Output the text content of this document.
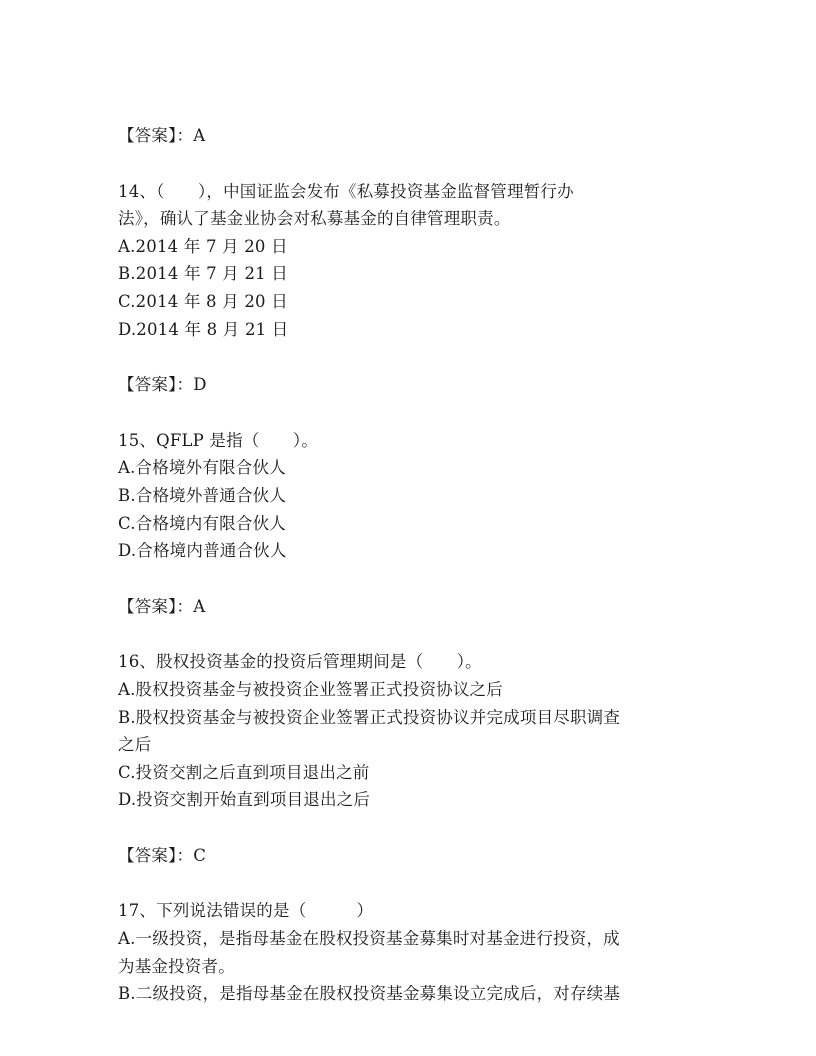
【答案】：A
14、（　　），中国证监会发布《私募投资基金监督管理暂行办
法》，确认了基金业协会对私募基金的自律管理职责。
A.2014 年 7 月 20 日
B.2014 年 7 月 21 日
C.2014 年 8 月 20 日
D.2014 年 8 月 21 日
【答案】：D
15、QFLP 是指（　　）。
A.合格境外有限合伙人
B.合格境外普通合伙人
C.合格境内有限合伙人
D.合格境内普通合伙人
【答案】：A
16、股权投资基金的投资后管理期间是（　　）。
A.股权投资基金与被投资企业签署正式投资协议之后
B.股权投资基金与被投资企业签署正式投资协议并完成项目尽职调查
之后
C.投资交割之后直到项目退出之前
D.投资交割开始直到项目退出之后
【答案】：C
17、下列说法错误的是（　　　）
A.一级投资，是指母基金在股权投资基金募集时对基金进行投资，成
为基金投资者。
B.二级投资，是指母基金在股权投资基金募集设立完成后，对存续基
